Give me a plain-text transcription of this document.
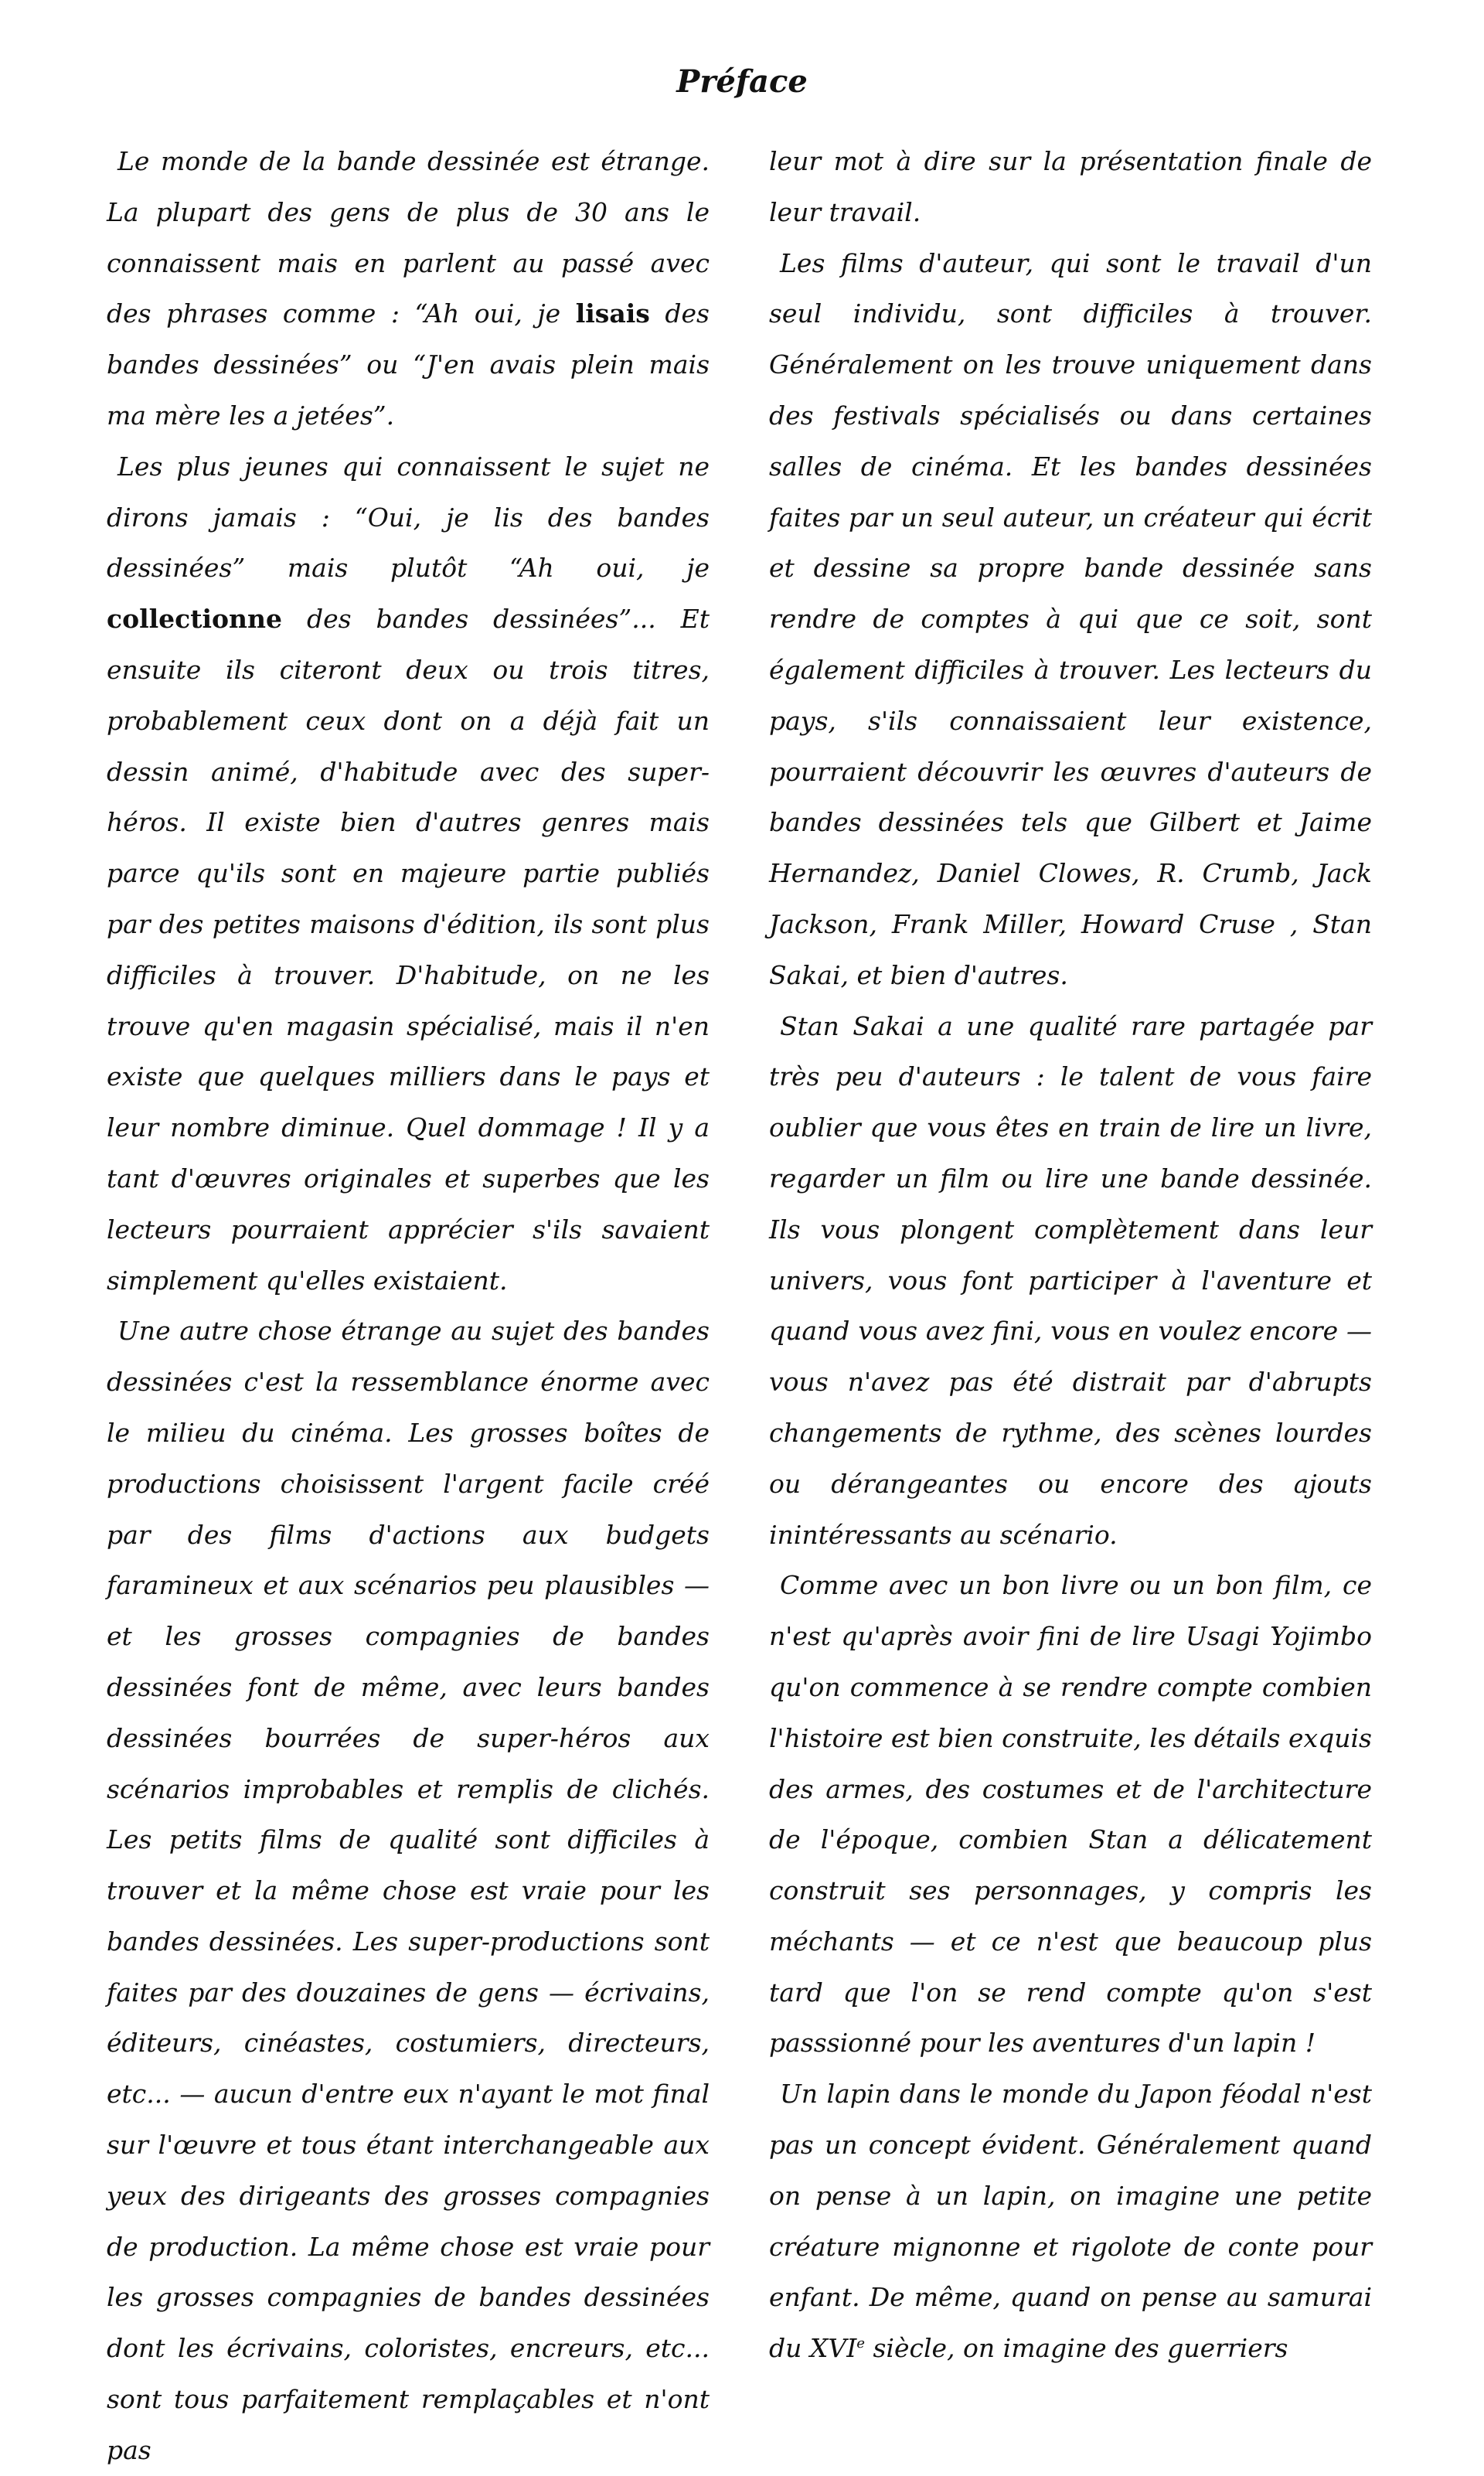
Préface

Le monde de la bande dessinée est étrange. La plupart des gens de plus de 30 ans le connaissent mais en parlent au passé avec des phrases comme : “Ah oui, je lisais des bandes dessinées” ou “J'en avais plein mais ma mère les a jetées”.

Les plus jeunes qui connaissent le sujet ne dirons jamais : “Oui, je lis des bandes dessinées” mais plutôt “Ah oui, je collectionne des bandes dessinées”... Et ensuite ils citeront deux ou trois titres, probablement ceux dont on a déjà fait un dessin animé, d'habitude avec des super-héros. Il existe bien d'autres genres mais parce qu'ils sont en majeure partie publiés par des petites maisons d'édition, ils sont plus difficiles à trouver. D'habitude, on ne les trouve qu'en magasin spécialisé, mais il n'en existe que quelques milliers dans le pays et leur nombre diminue. Quel dommage ! Il y a tant d'œuvres originales et superbes que les lecteurs pourraient apprécier s'ils savaient simplement qu'elles existaient.

Une autre chose étrange au sujet des bandes dessinées c'est la ressemblance énorme avec le milieu du cinéma. Les grosses boîtes de productions choisissent l'argent facile créé par des films d'actions aux budgets faramineux et aux scénarios peu plausibles — et les grosses compagnies de bandes dessinées font de même, avec leurs bandes dessinées bourrées de super-héros aux scénarios improbables et remplis de clichés. Les petits films de qualité sont difficiles à trouver et la même chose est vraie pour les bandes dessinées. Les super-productions sont faites par des douzaines de gens — écrivains, éditeurs, cinéastes, costumiers, directeurs, etc... — aucun d'entre eux n'ayant le mot final sur l'œuvre et tous étant interchangeable aux yeux des dirigeants des grosses compagnies de production. La même chose est vraie pour les grosses compagnies de bandes dessinées dont les écrivains, coloristes, encreurs, etc... sont tous parfaitement remplaçables et n'ont pas

leur mot à dire sur la présentation finale de leur travail.

Les films d'auteur, qui sont le travail d'un seul individu, sont difficiles à trouver. Généralement on les trouve uniquement dans des festivals spécialisés ou dans certaines salles de cinéma. Et les bandes dessinées faites par un seul auteur, un créateur qui écrit et dessine sa propre bande dessinée sans rendre de comptes à qui que ce soit, sont également difficiles à trouver. Les lecteurs du pays, s'ils connaissaient leur existence, pourraient découvrir les œuvres d'auteurs de bandes dessinées tels que Gilbert et Jaime Hernandez, Daniel Clowes, R. Crumb, Jack Jackson, Frank Miller, Howard Cruse , Stan Sakai, et bien d'autres.

Stan Sakai a une qualité rare partagée par très peu d'auteurs : le talent de vous faire oublier que vous êtes en train de lire un livre, regarder un film ou lire une bande dessinée. Ils vous plongent complètement dans leur univers, vous font participer à l'aventure et quand vous avez fini, vous en voulez encore — vous n'avez pas été distrait par d'abrupts changements de rythme, des scènes lourdes ou dérangeantes ou encore des ajouts inintéressants au scénario.

Comme avec un bon livre ou un bon film, ce n'est qu'après avoir fini de lire Usagi Yojimbo qu'on commence à se rendre compte combien l'histoire est bien construite, les détails exquis des armes, des costumes et de l'architecture de l'époque, combien Stan a délicatement construit ses personnages, y compris les méchants — et ce n'est que beaucoup plus tard que l'on se rend compte qu'on s'est passsionné pour les aventures d'un lapin !

Un lapin dans le monde du Japon féodal n'est pas un concept évident. Généralement quand on pense à un lapin, on imagine une petite créature mignonne et rigolote de conte pour enfant. De même, quand on pense au samurai du XVIe siècle, on imagine des guerriers
